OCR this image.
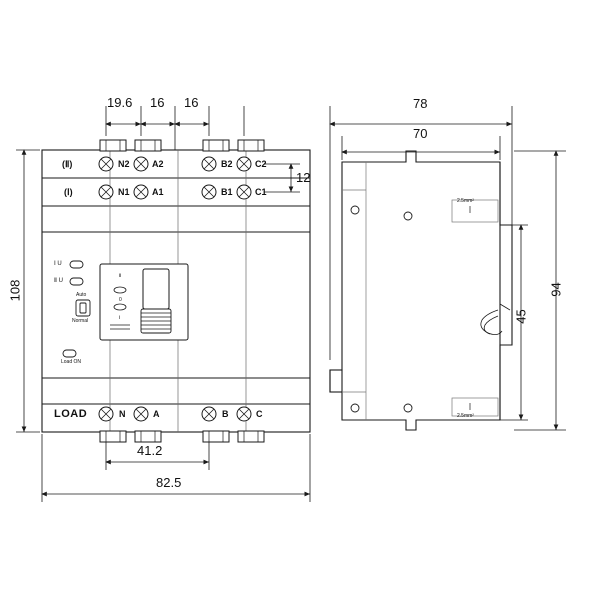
19.6 16 16
12
108
41.2
82.5
78
70
45
94
(Ⅱ)	N2 A2	B2 C2
(Ⅰ)	N1 A1	B1 C1
LOAD	N	A	B	C
Ⅰ U
Ⅱ U
Load ON
Auto
Normal
Ⅱ
0
Ⅰ
2.5mm²
2.5mm²
